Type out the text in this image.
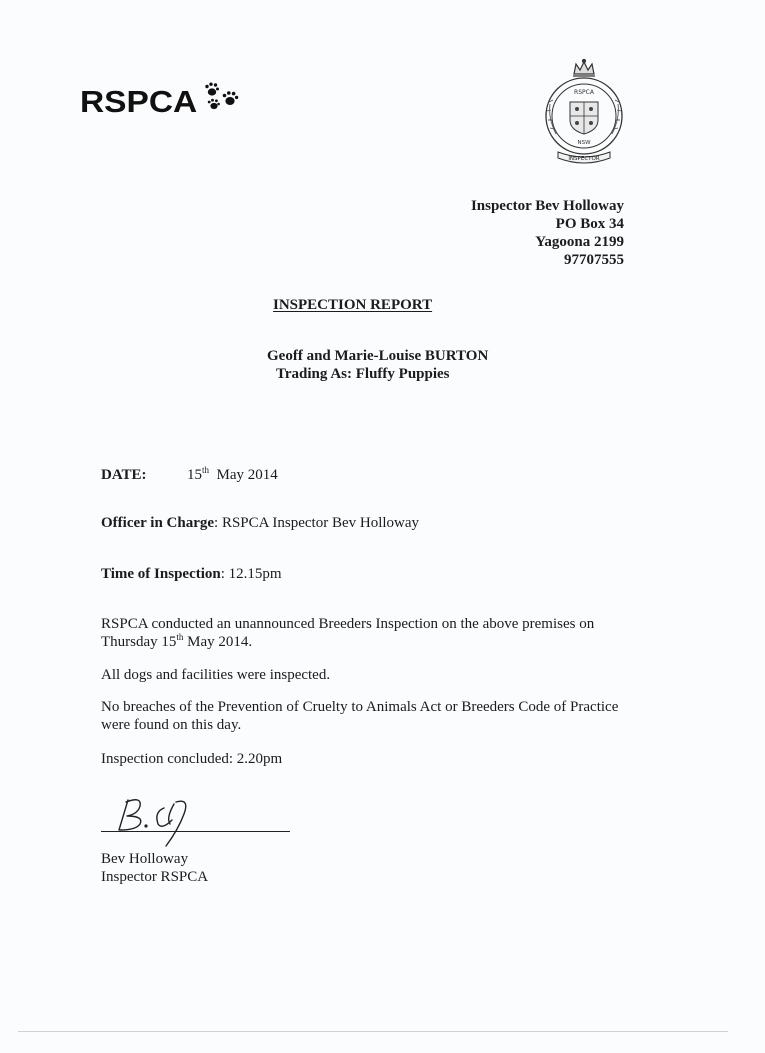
RSPCA	RSPCA
NSW
INSPECTOR
Inspector Bev Holloway
PO Box 34
Yagoona 2199
97707555
INSPECTION REPORT
Geoff and Marie-Louise BURTON
Trading As: Fluffy Puppies
DATE:	15th May 2014
Officer in Charge: RSPCA Inspector Bev Holloway
Time of Inspection: 12.15pm
RSPCA conducted an unannounced Breeders Inspection on the above premises on
Thursday 15th May 2014.
All dogs and facilities were inspected.
No breaches of the Prevention of Cruelty to Animals Act or Breeders Code of Practice
were found on this day.
Inspection concluded: 2.20pm
Bev Holloway
Inspector RSPCA
